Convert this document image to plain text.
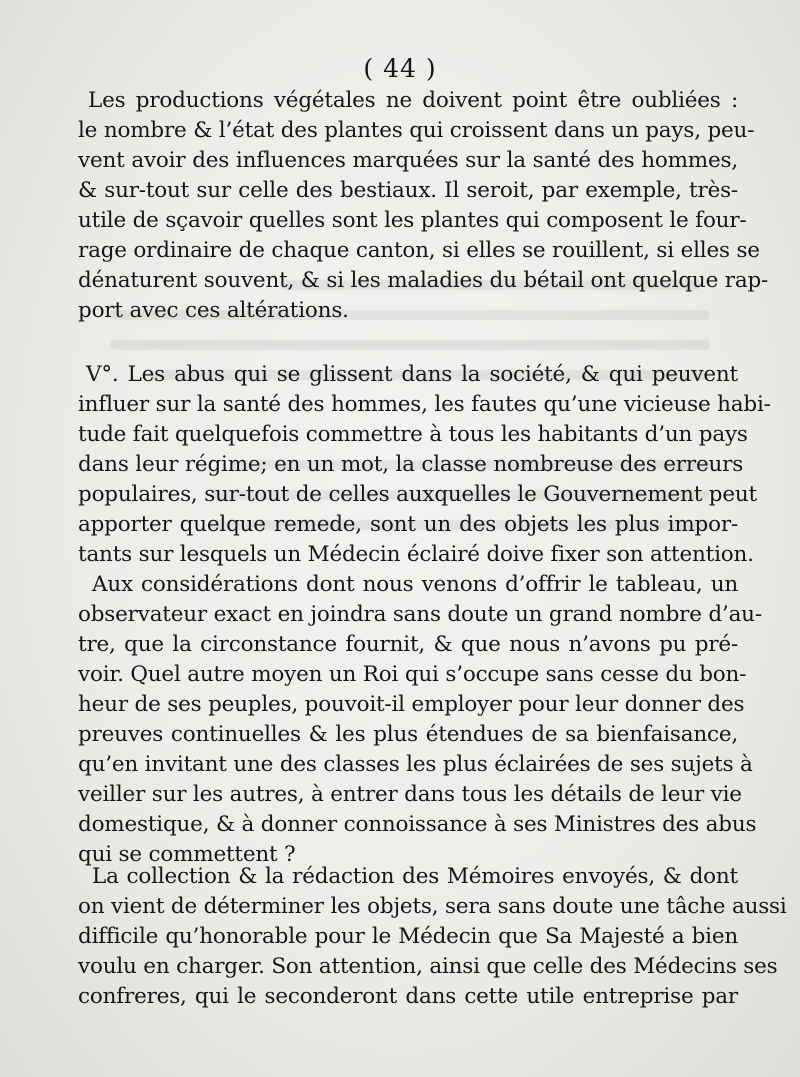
( 44 )
Les productions végétales ne doivent point être oubliées :
le nombre & l’état des plantes qui croissent dans un pays, peu-
vent avoir des influences marquées sur la santé des hommes,
& sur-tout sur celle des bestiaux. Il seroit, par exemple, très-
utile de sçavoir quelles sont les plantes qui composent le four-
rage ordinaire de chaque canton, si elles se rouillent, si elles se
dénaturent souvent, & si les maladies du bétail ont quelque rap-
port avec ces altérations.
V°. Les abus qui se glissent dans la société, & qui peuvent
influer sur la santé des hommes, les fautes qu’une vicieuse habi-
tude fait quelquefois commettre à tous les habitants d’un pays
dans leur régime; en un mot, la classe nombreuse des erreurs
populaires, sur-tout de celles auxquelles le Gouvernement peut
apporter quelque remede, sont un des objets les plus impor-
tants sur lesquels un Médecin éclairé doive fixer son attention.
Aux considérations dont nous venons d’offrir le tableau, un
observateur exact en joindra sans doute un grand nombre d’au-
tre, que la circonstance fournit, & que nous n’avons pu pré-
voir. Quel autre moyen un Roi qui s’occupe sans cesse du bon-
heur de ses peuples, pouvoit-il employer pour leur donner des
preuves continuelles & les plus étendues de sa bienfaisance,
qu’en invitant une des classes les plus éclairées de ses sujets à
veiller sur les autres, à entrer dans tous les détails de leur vie
domestique, & à donner connoissance à ses Ministres des abus
qui se commettent ?
La collection & la rédaction des Mémoires envoyés, & dont
on vient de déterminer les objets, sera sans doute une tâche aussi
difficile qu’honorable pour le Médecin que Sa Majesté a bien
voulu en charger. Son attention, ainsi que celle des Médecins ses
confreres, qui le seconderont dans cette utile entreprise par
